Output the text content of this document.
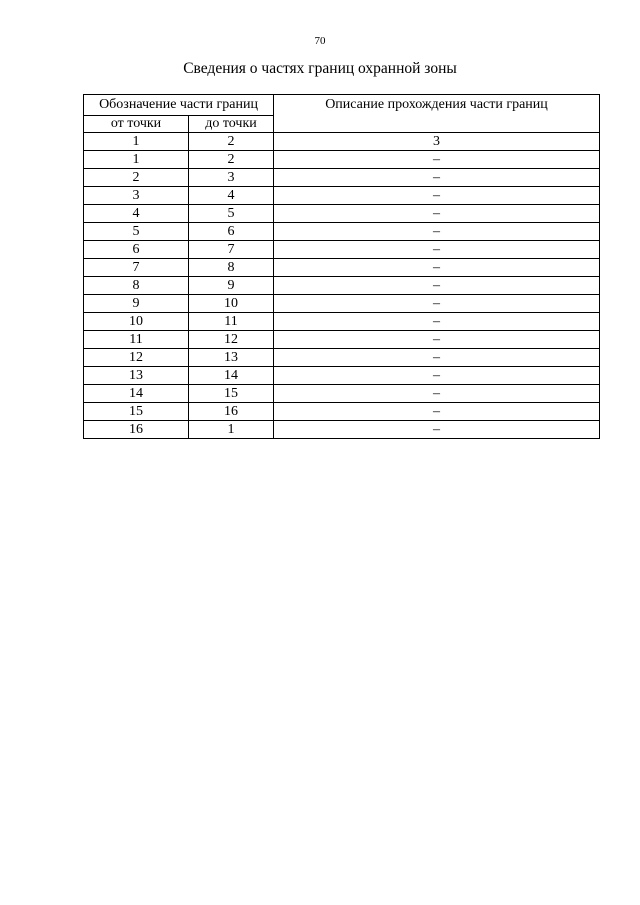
70
Сведения о частях границ охранной зоны
Обозначение части границ		Описание прохождения части границ
от точки	до точки	
1	2	3
1	2	–
2	3	–
3	4	–
4	5	–
5	6	–
6	7	–
7	8	–
8	9	–
9	10	–
10	11	–
11	12	–
12	13	–
13	14	–
14	15	–
15	16	–
16	1	–
